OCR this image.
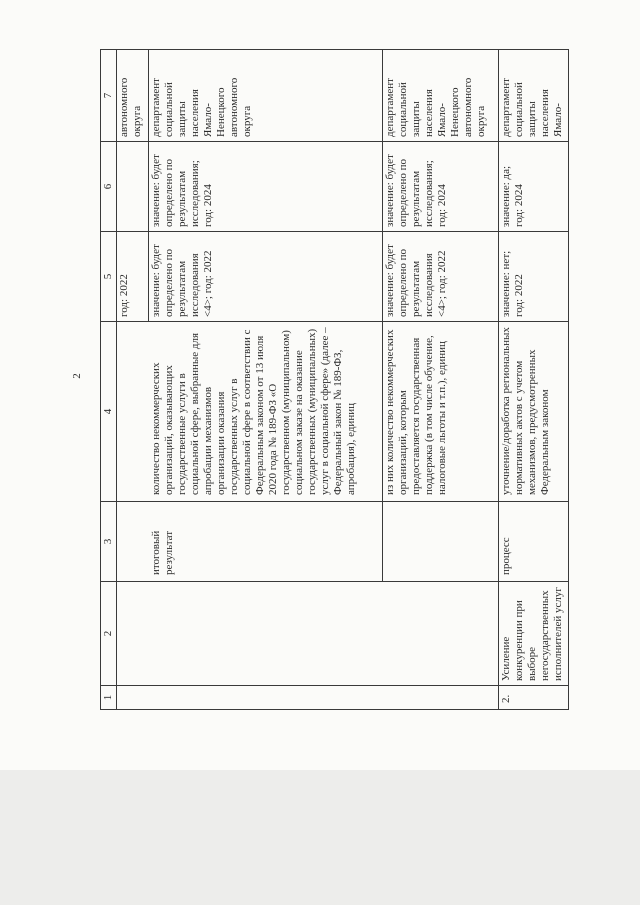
2
1	2	3	4	5	6	7
				год: 2022		автономного округа
		итоговый результат	количество некоммерческих организаций, оказывающих государственные услуги в социальной сфере, выбранные для апробации механизмов организации оказания государственных услуг в социальной сфере в соответствии с Федеральным законом от 13 июля 2020 года № 189-ФЗ «О государственном (муниципальном) социальном заказе на оказание государственных (муниципальных) услуг в социальной сфере» (далее – Федеральный закон № 189-ФЗ, апробация), единиц	значение: будет определено по результатам исследования <4>; год: 2022	значение: будет определено по результатам исследования; год: 2024	департамент социальной защиты населения Ямало-Ненецкого автономного округа
			из них количество некоммерческих организаций, которым предоставляется государственная поддержка (в том числе обучение, налоговые льготы и т.п.), единиц	значение: будет определено по результатам исследования <4>; год: 2022	значение: будет определено по результатам исследования; год: 2024	департамент социальной защиты населения Ямало-Ненецкого автономного округа
2.	Усиление конкуренции при выборе негосударственных исполнителей услуг	процесс	уточнение/доработка региональных нормативных актов с учетом механизмов, предусмотренных Федеральным законом	значение: нет; год: 2022	значение: да; год: 2024	департамент социальной защиты населения Ямало-
